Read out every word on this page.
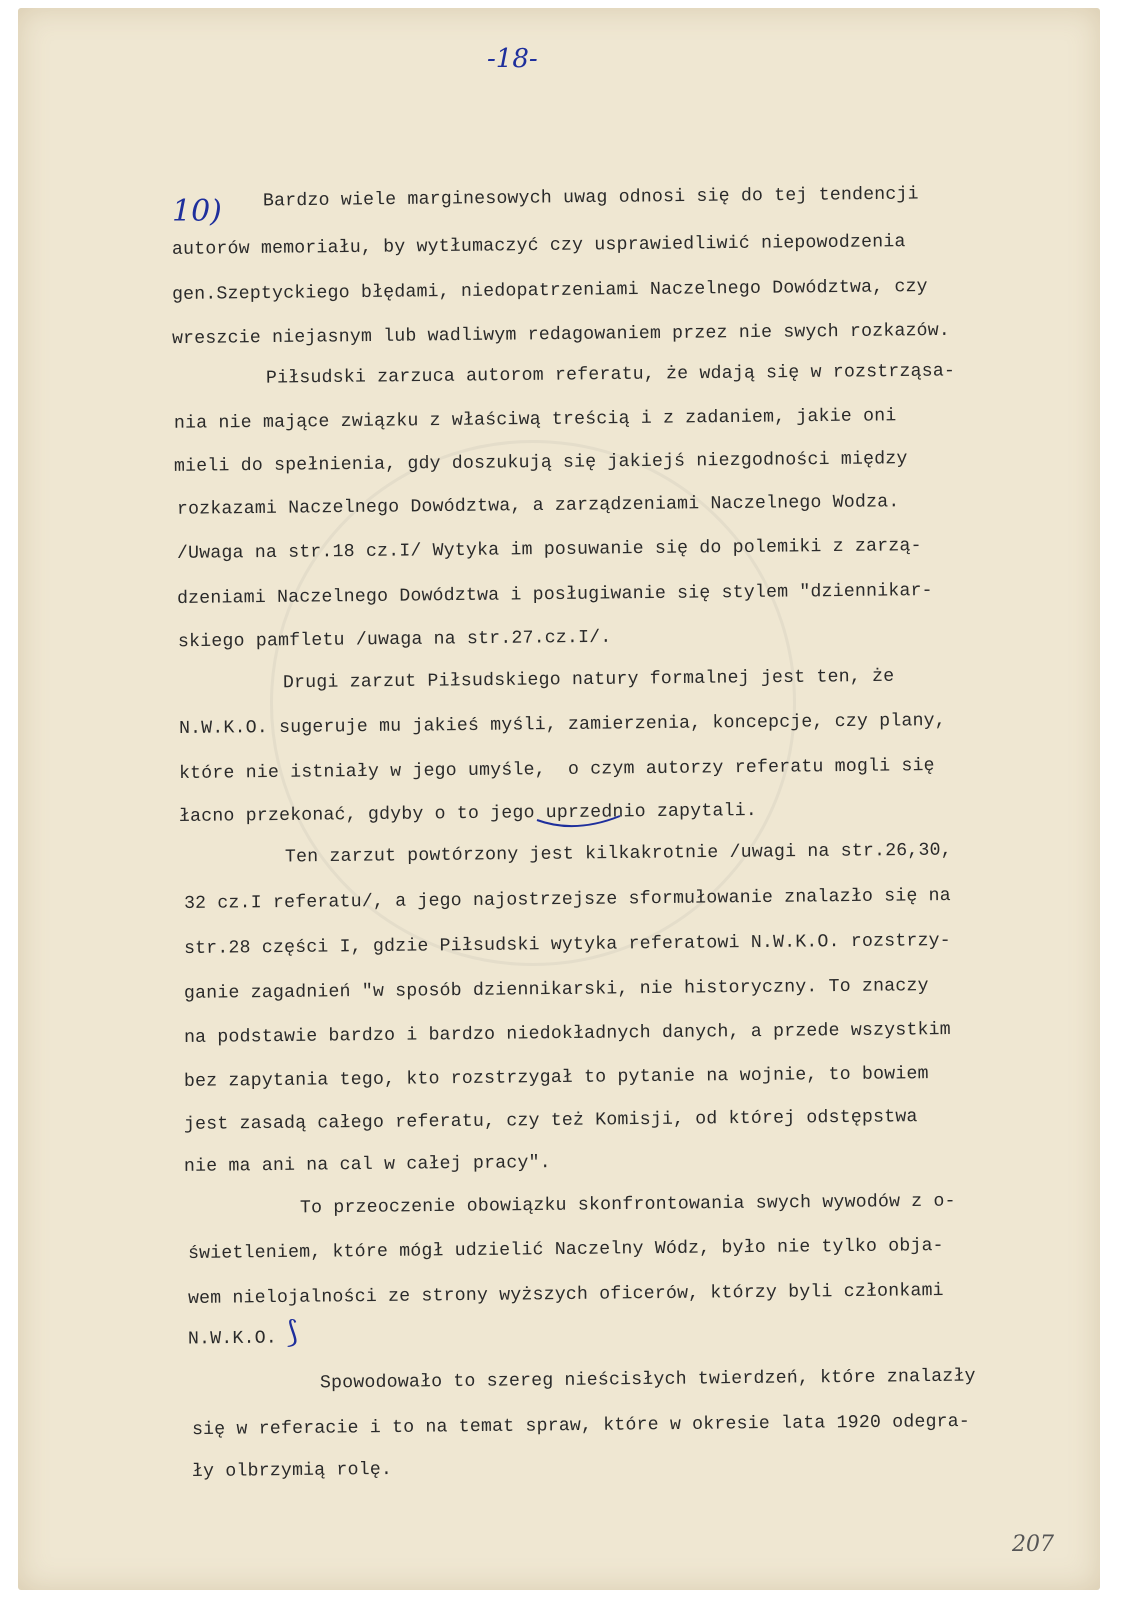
-18-
10) Bardzo wiele marginesowych uwag odnosi się do tej tendencji
autorów memoriału, by wytłumaczyć czy usprawiedliwić niepowodzenia
gen.Szeptyckiego błędami, niedopatrzeniami Naczelnego Dowództwa, czy
wreszcie niejasnym lub wadliwym redagowaniem przez nie swych rozkazów.
Piłsudski zarzuca autorom referatu, że wdają się w rozstrząsa-
nia nie mające związku z właściwą treścią i z zadaniem, jakie oni
mieli do spełnienia, gdy doszukują się jakiejś niezgodności między
rozkazami Naczelnego Dowództwa, a zarządzeniami Naczelnego Wodza.
/Uwaga na str.18 cz.I/ Wytyka im posuwanie się do polemiki z zarzą-
dzeniami Naczelnego Dowództwa i posługiwanie się stylem "dziennikar-
skiego pamfletu /uwaga na str.27.cz.I/.
Drugi zarzut Piłsudskiego natury formalnej jest ten, że
N.W.K.O. sugeruje mu jakieś myśli, zamierzenia, koncepcje, czy plany,
które nie istniały w jego umyśle,  o czym autorzy referatu mogli się
łacno przekonać, gdyby o to jego uprzednio zapytali.
Ten zarzut powtórzony jest kilkakrotnie /uwagi na str.26,30,
32 cz.I referatu/, a jego najostrzejsze sformułowanie znalazło się na
str.28 części I, gdzie Piłsudski wytyka referatowi N.W.K.O. rozstrzy-
ganie zagadnień "w sposób dziennikarski, nie historyczny. To znaczy
na podstawie bardzo i bardzo niedokładnych danych, a przede wszystkim
bez zapytania tego, kto rozstrzygał to pytanie na wojnie, to bowiem
jest zasadą całego referatu, czy też Komisji, od której odstępstwa
nie ma ani na cal w całej pracy".
To przeoczenie obowiązku skonfrontowania swych wywodów z o-
świetleniem, które mógł udzielić Naczelny Wódz, było nie tylko obja-
wem nielojalności ze strony wyższych oficerów, którzy byli członkami
N.W.K.O.
Spowodowało to szereg nieścisłych twierdzeń, które znalazły
się w referacie i to na temat spraw, które w okresie lata 1920 odegra-
ły olbrzymią rolę.
⟆
207
